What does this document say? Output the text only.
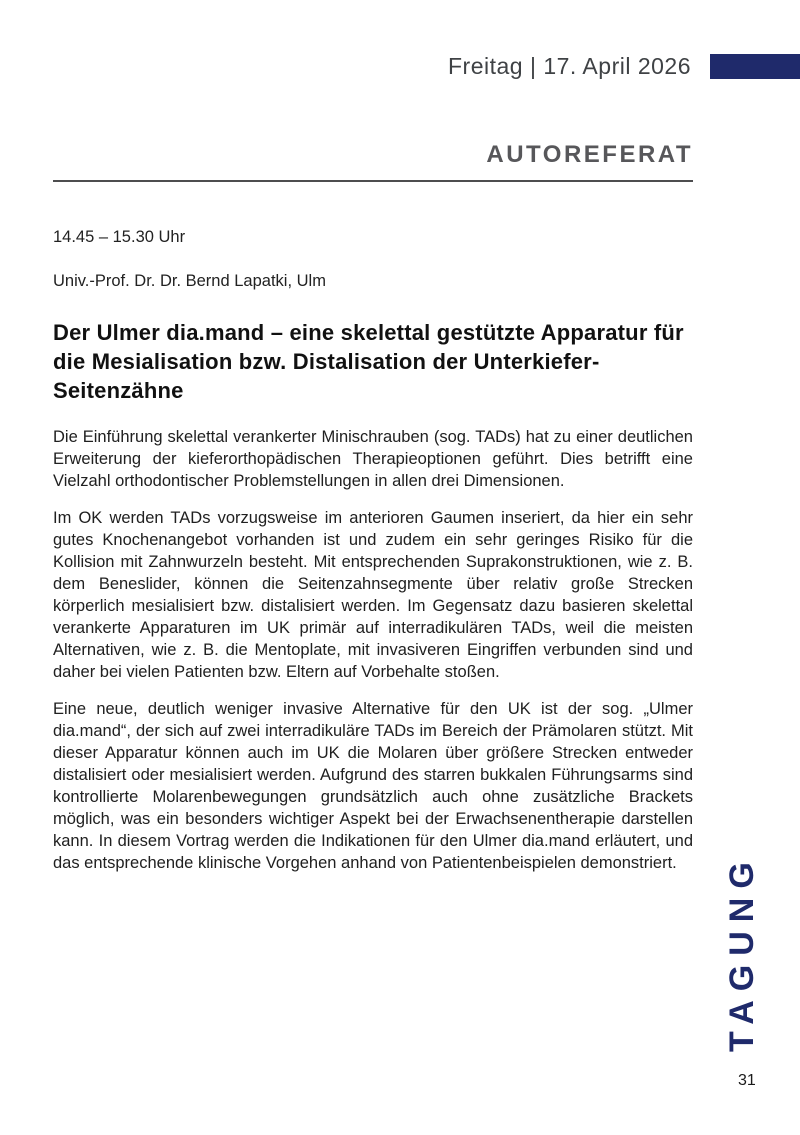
Freitag | 17. April 2026
AUTOREFERAT

14.45 – 15.30 Uhr

Univ.-Prof. Dr. Dr. Bernd Lapatki, Ulm

Der Ulmer dia.mand – eine skelettal gestützte Apparatur für die Mesialisation bzw. Distalisation der Unterkiefer-Seitenzähne

Die Einführung skelettal verankerter Minischrauben (sog. TADs) hat zu einer deutlichen Erweiterung der kieferorthopädischen Therapieoptionen geführt. Dies betrifft eine Vielzahl orthodontischer Problemstellungen in allen drei Dimensionen.

Im OK werden TADs vorzugsweise im anterioren Gaumen inseriert, da hier ein sehr gutes Knochenangebot vorhanden ist und zudem ein sehr geringes Risiko für die Kollision mit Zahnwurzeln besteht. Mit entsprechenden Suprakonstruktionen, wie z. B. dem Beneslider, können die Seitenzahnsegmente über relativ große Strecken körperlich mesialisiert bzw. distalisiert werden. Im Gegensatz dazu basieren skelettal verankerte Apparaturen im UK primär auf interradikulären TADs, weil die meisten Alternativen, wie z. B. die Mentoplate, mit invasiveren Eingriffen verbunden sind und daher bei vielen Patienten bzw. Eltern auf Vorbehalte stoßen.

Eine neue, deutlich weniger invasive Alternative für den UK ist der sog. „Ulmer dia.mand“, der sich auf zwei interradikuläre TADs im Bereich der Prämolaren stützt. Mit dieser Apparatur können auch im UK die Molaren über größere Strecken entweder distalisiert oder mesialisiert werden. Aufgrund des starren bukkalen Führungsarms sind kontrollierte Molarenbewegungen grundsätzlich auch ohne zusätzliche Brackets möglich, was ein besonders wichtiger Aspekt bei der Erwachsenentherapie darstellen kann. In diesem Vortrag werden die Indikationen für den Ulmer dia.mand erläutert, und das entsprechende klinische Vorgehen anhand von Patientenbeispielen demonstriert.	TAGUNG
31
